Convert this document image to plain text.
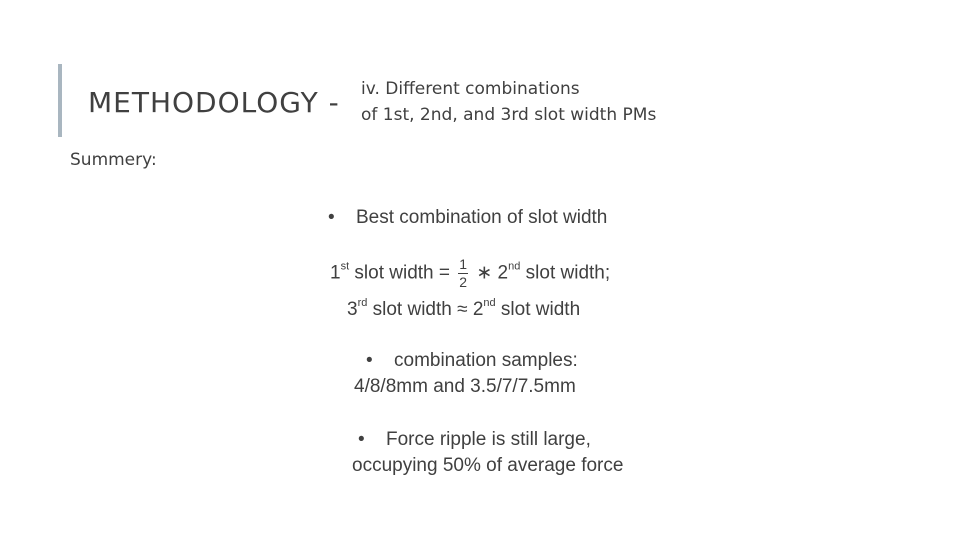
METHODOLOGY - iv. Different combinations
of 1st, 2nd, and 3rd slot width PMs
Summery:
• Best combination of slot width
1st slot width = $\frac{1}{2}$ ∗ 2nd slot width;
3rd slot width ≈ 2nd slot width
• combination samples:
4/8/8mm and 3.5/7/7.5mm
• Force ripple is still large,
occupying 50% of average force
